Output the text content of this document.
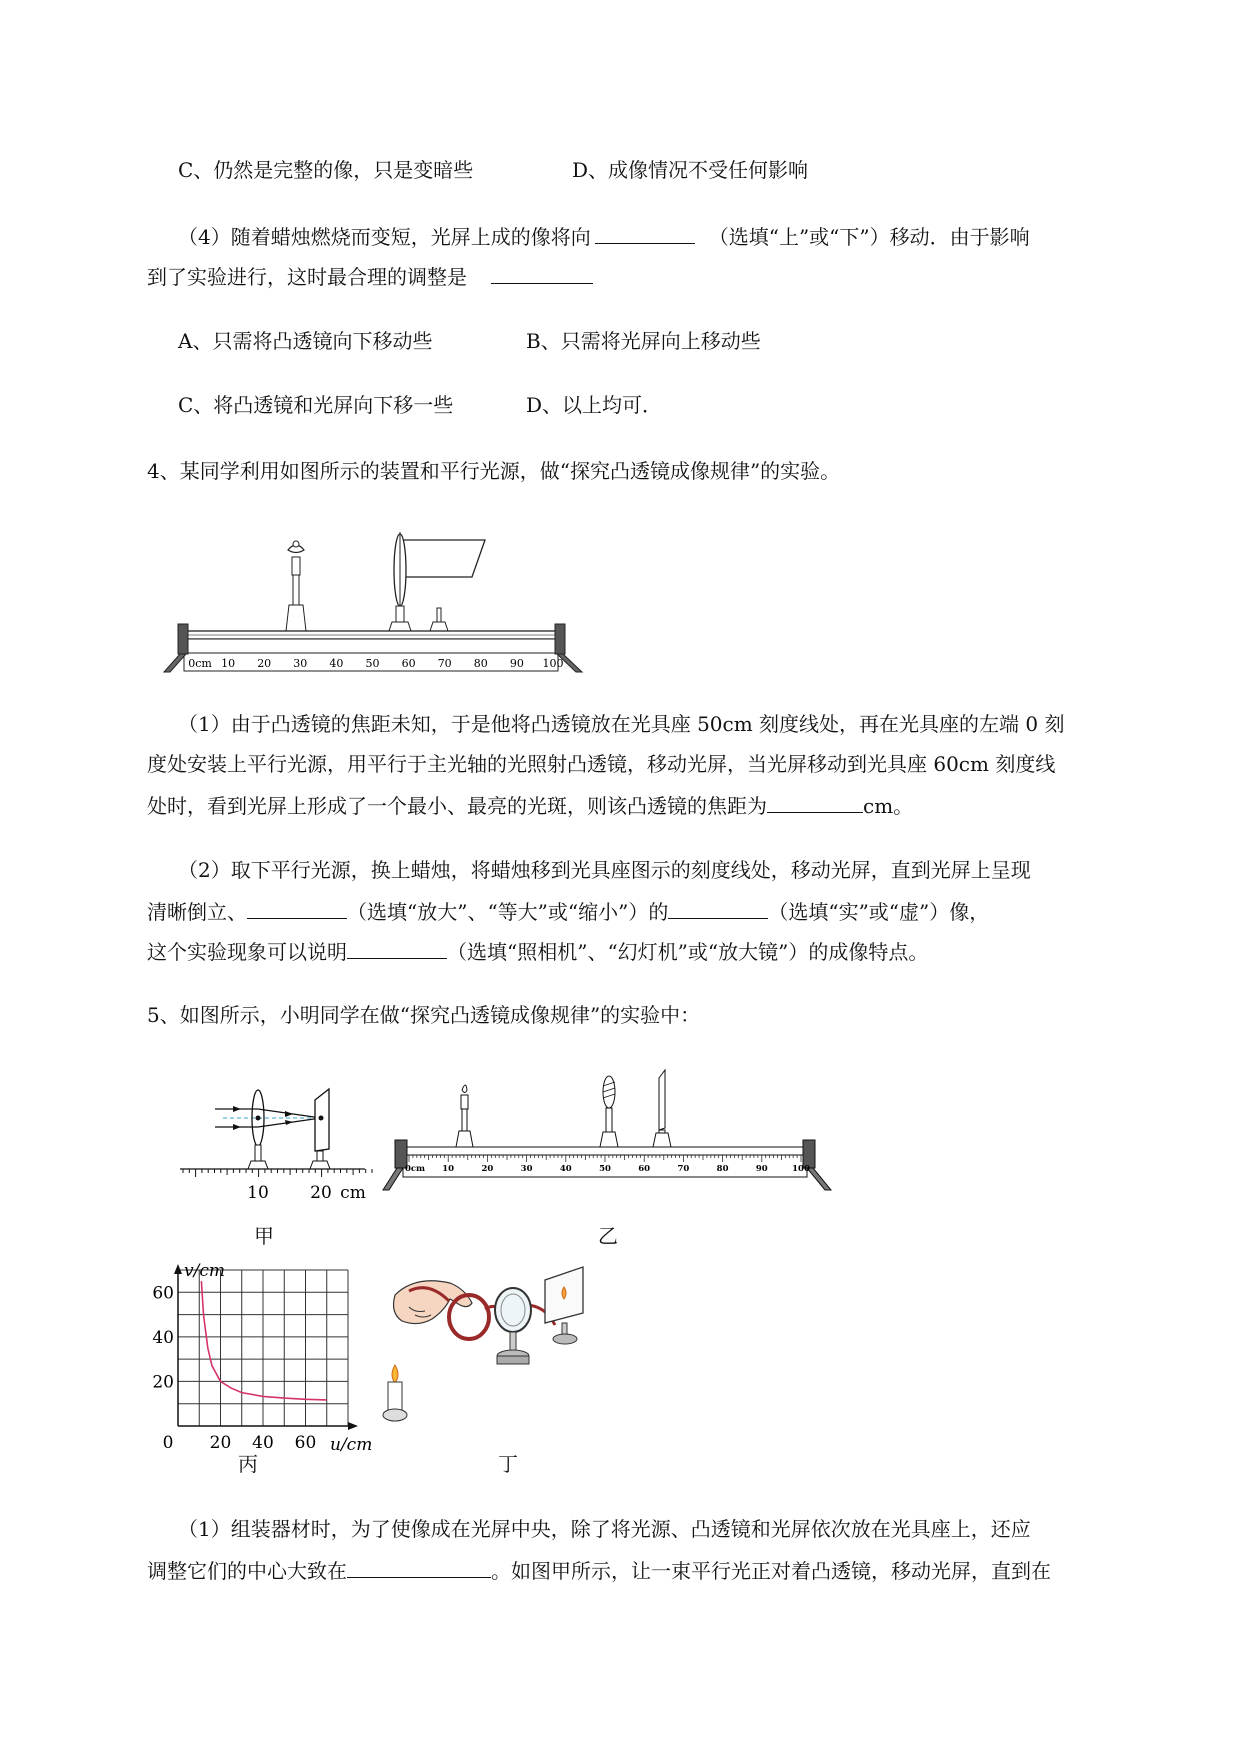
C、仍然是完整的像，只是变暗些	D、成像情况不受任何影响
（4）随着蜡烛燃烧而变短，光屏上成的像将向	（选填“上”或“下”）移动．由于影响
到了实验进行，这时最合理的调整是
A、只需将凸透镜向下移动些	B、只需将光屏向上移动些
C、将凸透镜和光屏向下移一些	D、以上均可．
4、某同学利用如图所示的装置和平行光源，做“探究凸透镜成像规律”的实验。
0cm 10 20 30 40 50 60 70 80 90 100
（1）由于凸透镜的焦距未知，于是他将凸透镜放在光具座 50cm 刻度线处，再在光具座的左端 0 刻
度处安装上平行光源，用平行于主光轴的光照射凸透镜，移动光屏，当光屏移动到光具座 60cm 刻度线
处时，看到光屏上形成了一个最小、最亮的光斑，则该凸透镜的焦距为	cm。
（2）取下平行光源，换上蜡烛，将蜡烛移到光具座图示的刻度线处，移动光屏，直到光屏上呈现
清晰倒立、	（选填“放大”、“等大”或“缩小”）的	（选填“实”或“虚”）像，
这个实验现象可以说明	（选填“照相机”、“幻灯机”或“放大镜”）的成像特点。
5、如图所示，小明同学在做“探究凸透镜成像规律”的实验中：
10 20 cm
甲
0cm 10	20	30	40	50	60	70	80	90	100
乙
v/cm
u/cm
60
40
20
0 20 40 60
丙	丁
（1）组装器材时，为了使像成在光屏中央，除了将光源、凸透镜和光屏依次放在光具座上，还应
调整它们的中心大致在	。如图甲所示，让一束平行光正对着凸透镜，移动光屏，直到在
